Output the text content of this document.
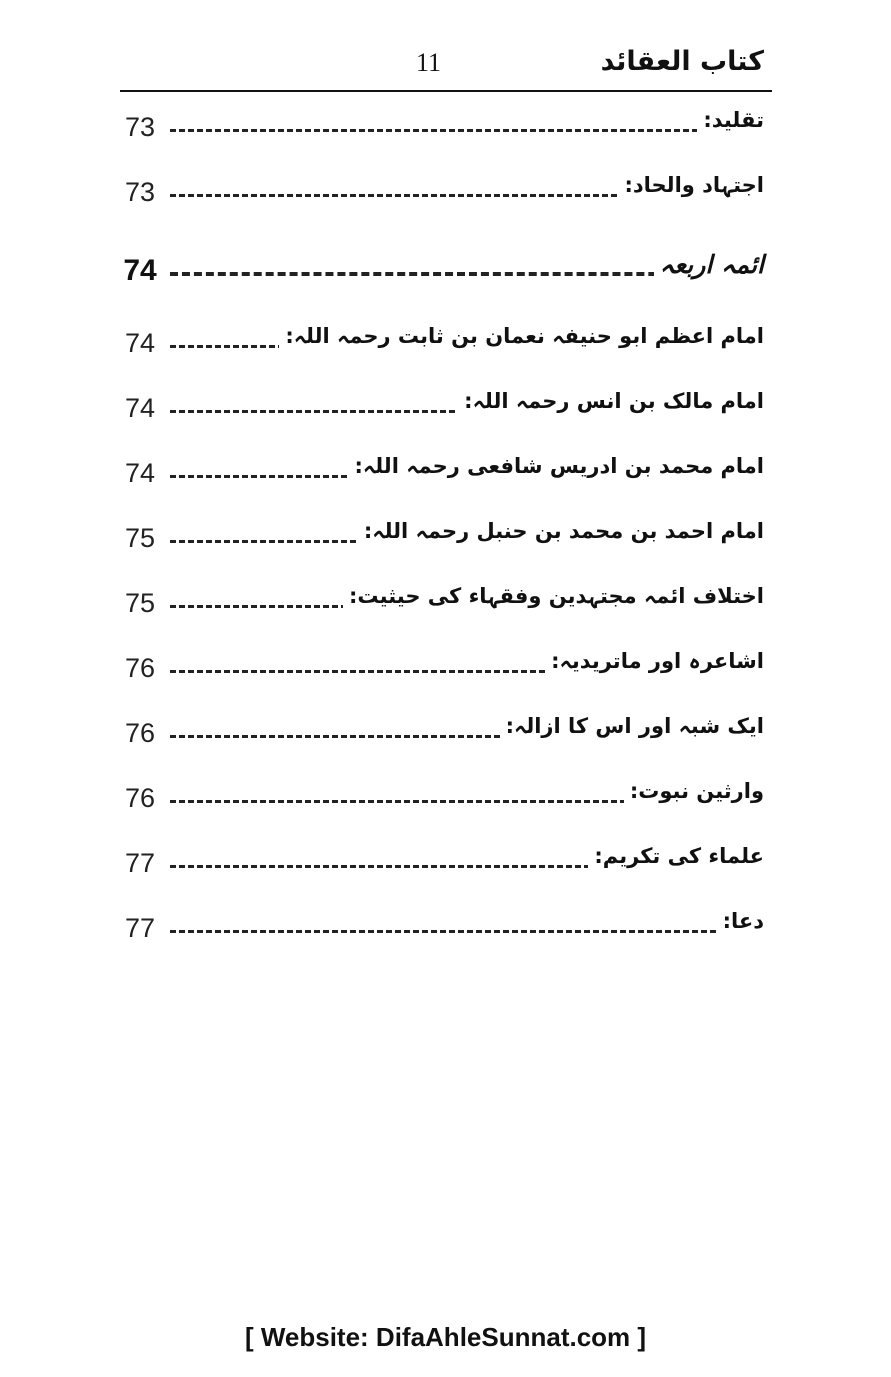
11	کتاب العقائد
73	تقلید:
73	اجتہاد والحاد:
74	ائمہ اربعہ
74	امام اعظم ابو حنیفہ نعمان بن ثابت رحمہ اللہ:
74	امام مالک بن انس رحمہ اللہ:
74	امام محمد بن ادریس شافعی رحمہ اللہ:
75	امام احمد بن محمد بن حنبل رحمہ اللہ:
75	اختلاف ائمہ مجتہدین وفقہاء کی حیثیت:
76	اشاعرہ اور ماتریدیہ:
76	ایک شبہ اور اس کا ازالہ:
76	وارثین نبوت:
77	علماء کی تکریم:
77	دعا:
[ Website: DifaAhleSunnat.com ]
